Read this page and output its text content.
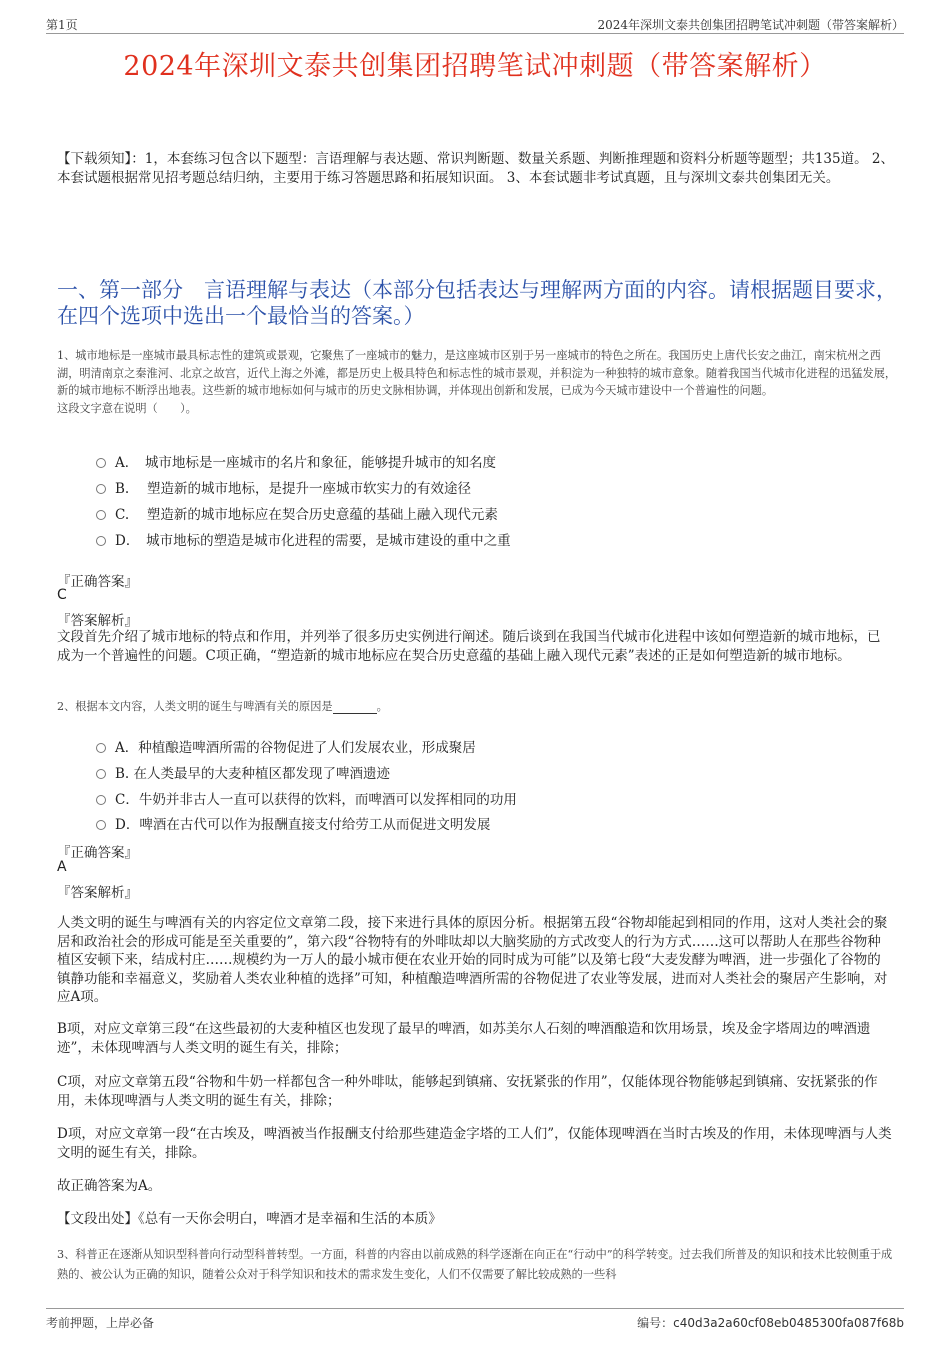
第1页	2024年深圳文泰共创集团招聘笔试冲刺题（带答案解析）
2024年深圳文泰共创集团招聘笔试冲刺题（带答案解析）
【下载须知】：1，本套练习包含以下题型：言语理解与表达题、常识判断题、数量关系题、判断推理题和资料分析题等题型；共135道。 2、本套试题根据常见招考题总结归纳，主要用于练习答题思路和拓展知识面。 3、本套试题非考试真题，且与深圳文泰共创集团无关。
一、第一部分　言语理解与表达（本部分包括表达与理解两方面的内容。请根据题目要求，在四个选项中选出一个最恰当的答案。）
1、城市地标是一座城市最具标志性的建筑或景观，它聚焦了一座城市的魅力，是这座城市区别于另一座城市的特色之所在。我国历史上唐代长安之曲江，南宋杭州之西湖，明清南京之秦淮河、北京之故宫，近代上海之外滩，都是历史上极具特色和标志性的城市景观，并积淀为一种独特的城市意象。随着我国当代城市化进程的迅猛发展，新的城市地标不断浮出地表。这些新的城市地标如何与城市的历史文脉相协调，并体现出创新和发展，已成为今天城市建设中一个普遍性的问题。
这段文字意在说明（　　）。
A．　城市地标是一座城市的名片和象征，能够提升城市的知名度
B.　 塑造新的城市地标，是提升一座城市软实力的有效途径
C.　 塑造新的城市地标应在契合历史意蕴的基础上融入现代元素
D．　城市地标的塑造是城市化进程的需要，是城市建设的重中之重
『正确答案』
C
『答案解析』
文段首先介绍了城市地标的特点和作用，并列举了很多历史实例进行阐述。随后谈到在我国当代城市化进程中该如何塑造新的城市地标，已成为一个普遍性的问题。C项正确，“塑造新的城市地标应在契合历史意蕴的基础上融入现代元素”表述的正是如何塑造新的城市地标。
2、根据本文内容，人类文明的诞生与啤酒有关的原因是	。
A．种植酿造啤酒所需的谷物促进了人们发展农业，形成聚居
B. 在人类最早的大麦种植区都发现了啤酒遗迹
C．牛奶并非古人一直可以获得的饮料，而啤酒可以发挥相同的功用
D．啤酒在古代可以作为报酬直接支付给劳工从而促进文明发展
『正确答案』
A
『答案解析』
人类文明的诞生与啤酒有关的内容定位文章第二段，接下来进行具体的原因分析。根据第五段“谷物却能起到相同的作用，这对人类社会的聚居和政治社会的形成可能是至关重要的”，第六段“谷物特有的外啡呔却以大脑奖励的方式改变人的行为方式……这可以帮助人在那些谷物种植区安顿下来，结成村庄……规模约为一万人的最小城市便在农业开始的同时成为可能”以及第七段“大麦发酵为啤酒，进一步强化了谷物的镇静功能和幸福意义，奖励着人类农业种植的选择”可知，种植酿造啤酒所需的谷物促进了农业等发展，进而对人类社会的聚居产生影响，对应A项。
B项，对应文章第三段“在这些最初的大麦种植区也发现了最早的啤酒，如苏美尔人石刻的啤酒酿造和饮用场景，埃及金字塔周边的啤酒遗迹”，未体现啤酒与人类文明的诞生有关，排除；
C项，对应文章第五段“谷物和牛奶一样都包含一种外啡呔，能够起到镇痛、安抚紧张的作用”，仅能体现谷物能够起到镇痛、安抚紧张的作用，未体现啤酒与人类文明的诞生有关，排除；
D项，对应文章第一段“在古埃及，啤酒被当作报酬支付给那些建造金字塔的工人们”，仅能体现啤酒在当时古埃及的作用，未体现啤酒与人类文明的诞生有关，排除。
故正确答案为A。
【文段出处】《总有一天你会明白，啤酒才是幸福和生活的本质》
3、科普正在逐渐从知识型科普向行动型科普转型。一方面，科普的内容由以前成熟的科学逐渐在向正在“行动中”的科学转变。过去我们所普及的知识和技术比较侧重于成熟的、被公认为正确的知识，随着公众对于科学知识和技术的需求发生变化，人们不仅需要了解比较成熟的一些科
考前押题，上岸必备	编号：c40d3a2a60cf08eb0485300fa087f68b
